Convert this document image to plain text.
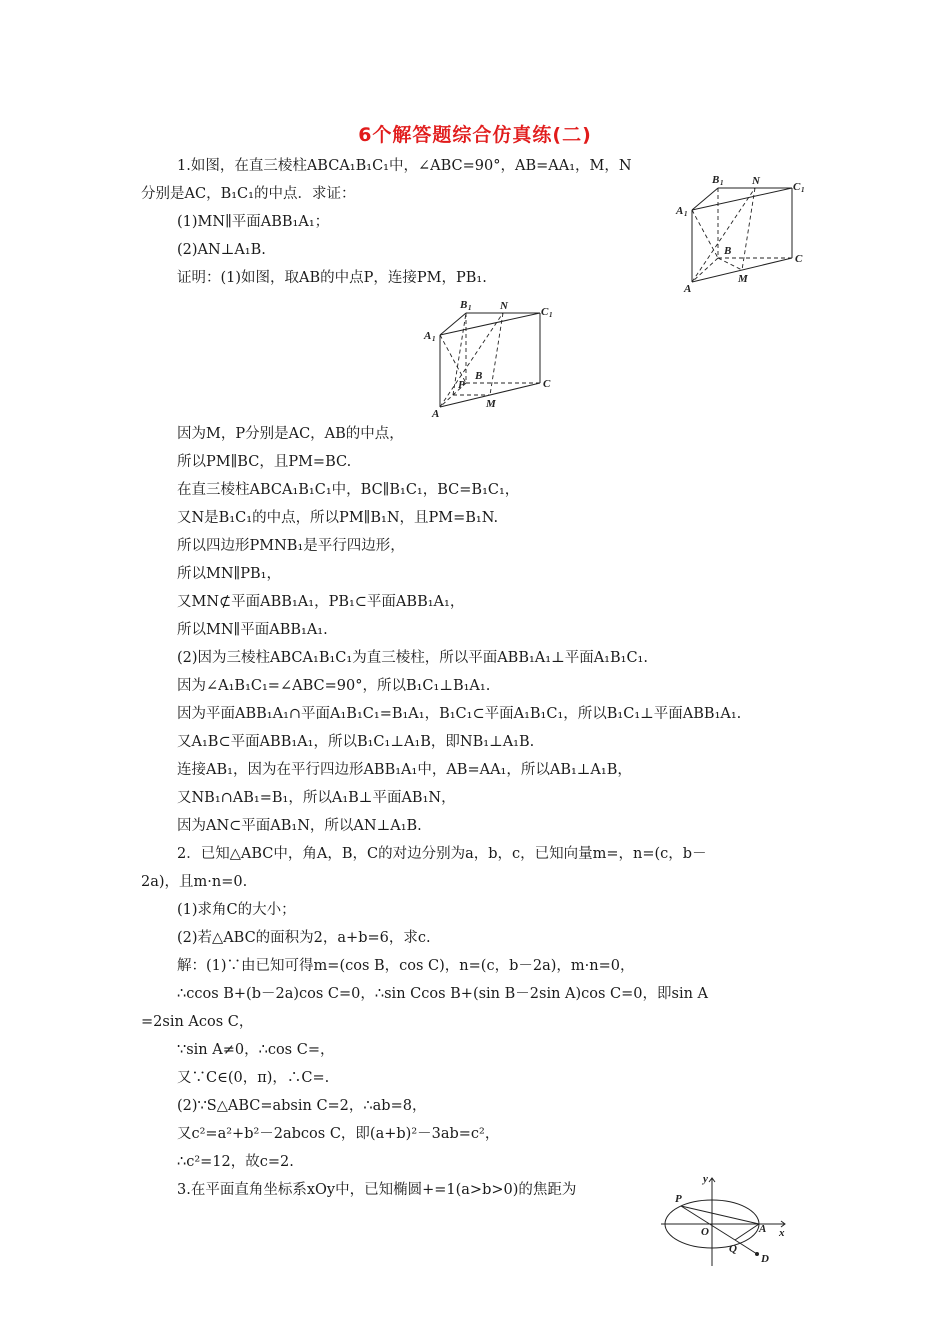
6个解答题综合仿真练(二)
1.如图，在直三棱柱ABCA₁B₁C₁中，∠ABC=90°，AB=AA₁，M，N
分别是AC，B₁C₁的中点．求证：
(1)MN∥平面ABB₁A₁；
(2)AN⊥A₁B.
证明：(1)如图，取AB的中点P，连接PM，PB₁.
因为M，P分别是AC，AB的中点，
所以PM∥BC，且PM=BC.
在直三棱柱ABCA₁B₁C₁中，BC∥B₁C₁，BC=B₁C₁，
又N是B₁C₁的中点，所以PM∥B₁N，且PM=B₁N.
所以四边形PMNB₁是平行四边形，
所以MN∥PB₁，
又MN⊄平面ABB₁A₁，PB₁⊂平面ABB₁A₁，
所以MN∥平面ABB₁A₁.
(2)因为三棱柱ABCA₁B₁C₁为直三棱柱，所以平面ABB₁A₁⊥平面A₁B₁C₁.
因为∠A₁B₁C₁=∠ABC=90°，所以B₁C₁⊥B₁A₁.
因为平面ABB₁A₁∩平面A₁B₁C₁=B₁A₁，B₁C₁⊂平面A₁B₁C₁，所以B₁C₁⊥平面ABB₁A₁.
又A₁B⊂平面ABB₁A₁，所以B₁C₁⊥A₁B，即NB₁⊥A₁B.
连接AB₁，因为在平行四边形ABB₁A₁中，AB=AA₁，所以AB₁⊥A₁B，
又NB₁∩AB₁=B₁，所以A₁B⊥平面AB₁N，
因为AN⊂平面AB₁N，所以AN⊥A₁B.
2．已知△ABC中，角A，B，C的对边分别为a，b，c，已知向量m=，n=(c，b－
2a)，且m·n=0.
(1)求角C的大小；
(2)若△ABC的面积为2，a+b=6，求c.
解：(1)∵由已知可得m=(cos B，cos C)，n=(c，b－2a)，m·n=0，
∴ccos B+(b－2a)cos C=0，∴sin Ccos B+(sin B－2sin A)cos C=0，即sin A
=2sin Acos C，
∵sin A≠0，∴cos C=，
又∵C∈(0，π)，∴C=.
(2)∵S△ABC=absin C=2，∴ab=8，
又c²=a²+b²－2abcos C，即(a+b)²－3ab=c²，
∴c²=12，故c=2.
3.在平面直角坐标系xOy中，已知椭圆+=1(a>b>0)的焦距为
B 1	N	C 1
A 1
B
C
A
M
B 1	N	C 1
A 1
P
B
C
A
M
y
P
O	A x
Q
D
